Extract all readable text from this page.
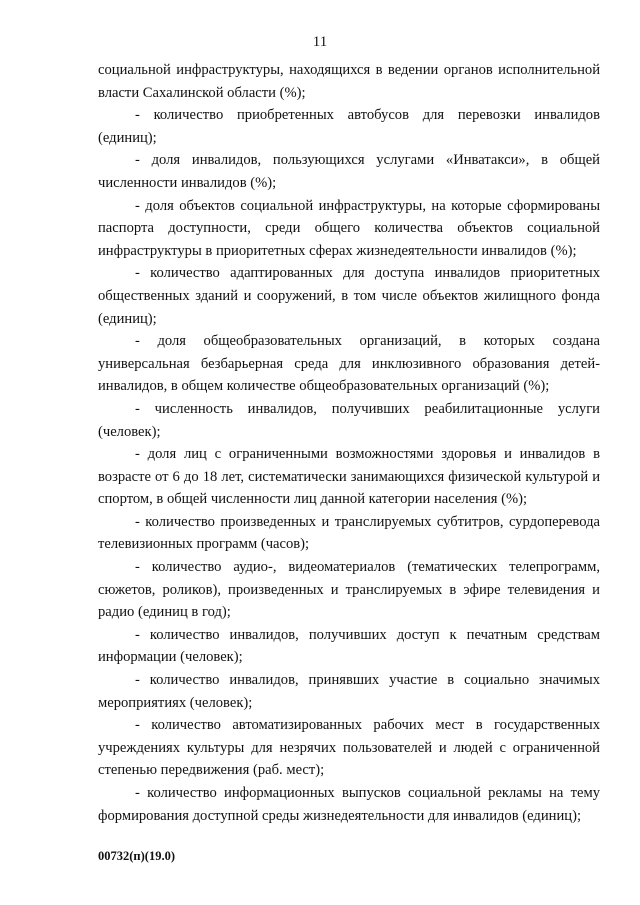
11

социальной инфраструктуры, находящихся в ведении органов исполнительной власти Сахалинской области (%);

- количество приобретенных автобусов для перевозки инвалидов (единиц);

- доля инвалидов, пользующихся услугами «Инватакси», в общей численности инвалидов (%);

- доля объектов социальной инфраструктуры, на которые сформированы паспорта доступности, среди общего количества объектов социальной инфраструктуры в приоритетных сферах жизнедеятельности инвалидов (%);

- количество адаптированных для доступа инвалидов приоритетных общественных зданий и сооружений, в том числе объектов жилищного фонда (единиц);

- доля общеобразовательных организаций, в которых создана универсальная безбарьерная среда для инклюзивного образования детей-инвалидов, в общем количестве общеобразовательных организаций (%);

- численность инвалидов, получивших реабилитационные услуги (человек);

- доля лиц с ограниченными возможностями здоровья и инвалидов в возрасте от 6 до 18 лет, систематически занимающихся физической культурой и спортом, в общей численности лиц данной категории населения (%);

- количество произведенных и транслируемых субтитров, сурдоперевода телевизионных программ (часов);

- количество аудио-, видеоматериалов (тематических телепрограмм, сюжетов, роликов), произведенных и транслируемых в эфире телевидения и радио (единиц в год);

- количество инвалидов, получивших доступ к печатным средствам информации (человек);

- количество инвалидов, принявших участие в социально значимых мероприятиях (человек);

- количество автоматизированных рабочих мест в государственных учреждениях культуры для незрячих пользователей и людей с ограниченной степенью передвижения (раб. мест);

- количество информационных выпусков социальной рекламы на тему формирования доступной среды жизнедеятельности для инвалидов (единиц);

00732(п)(19.0)
